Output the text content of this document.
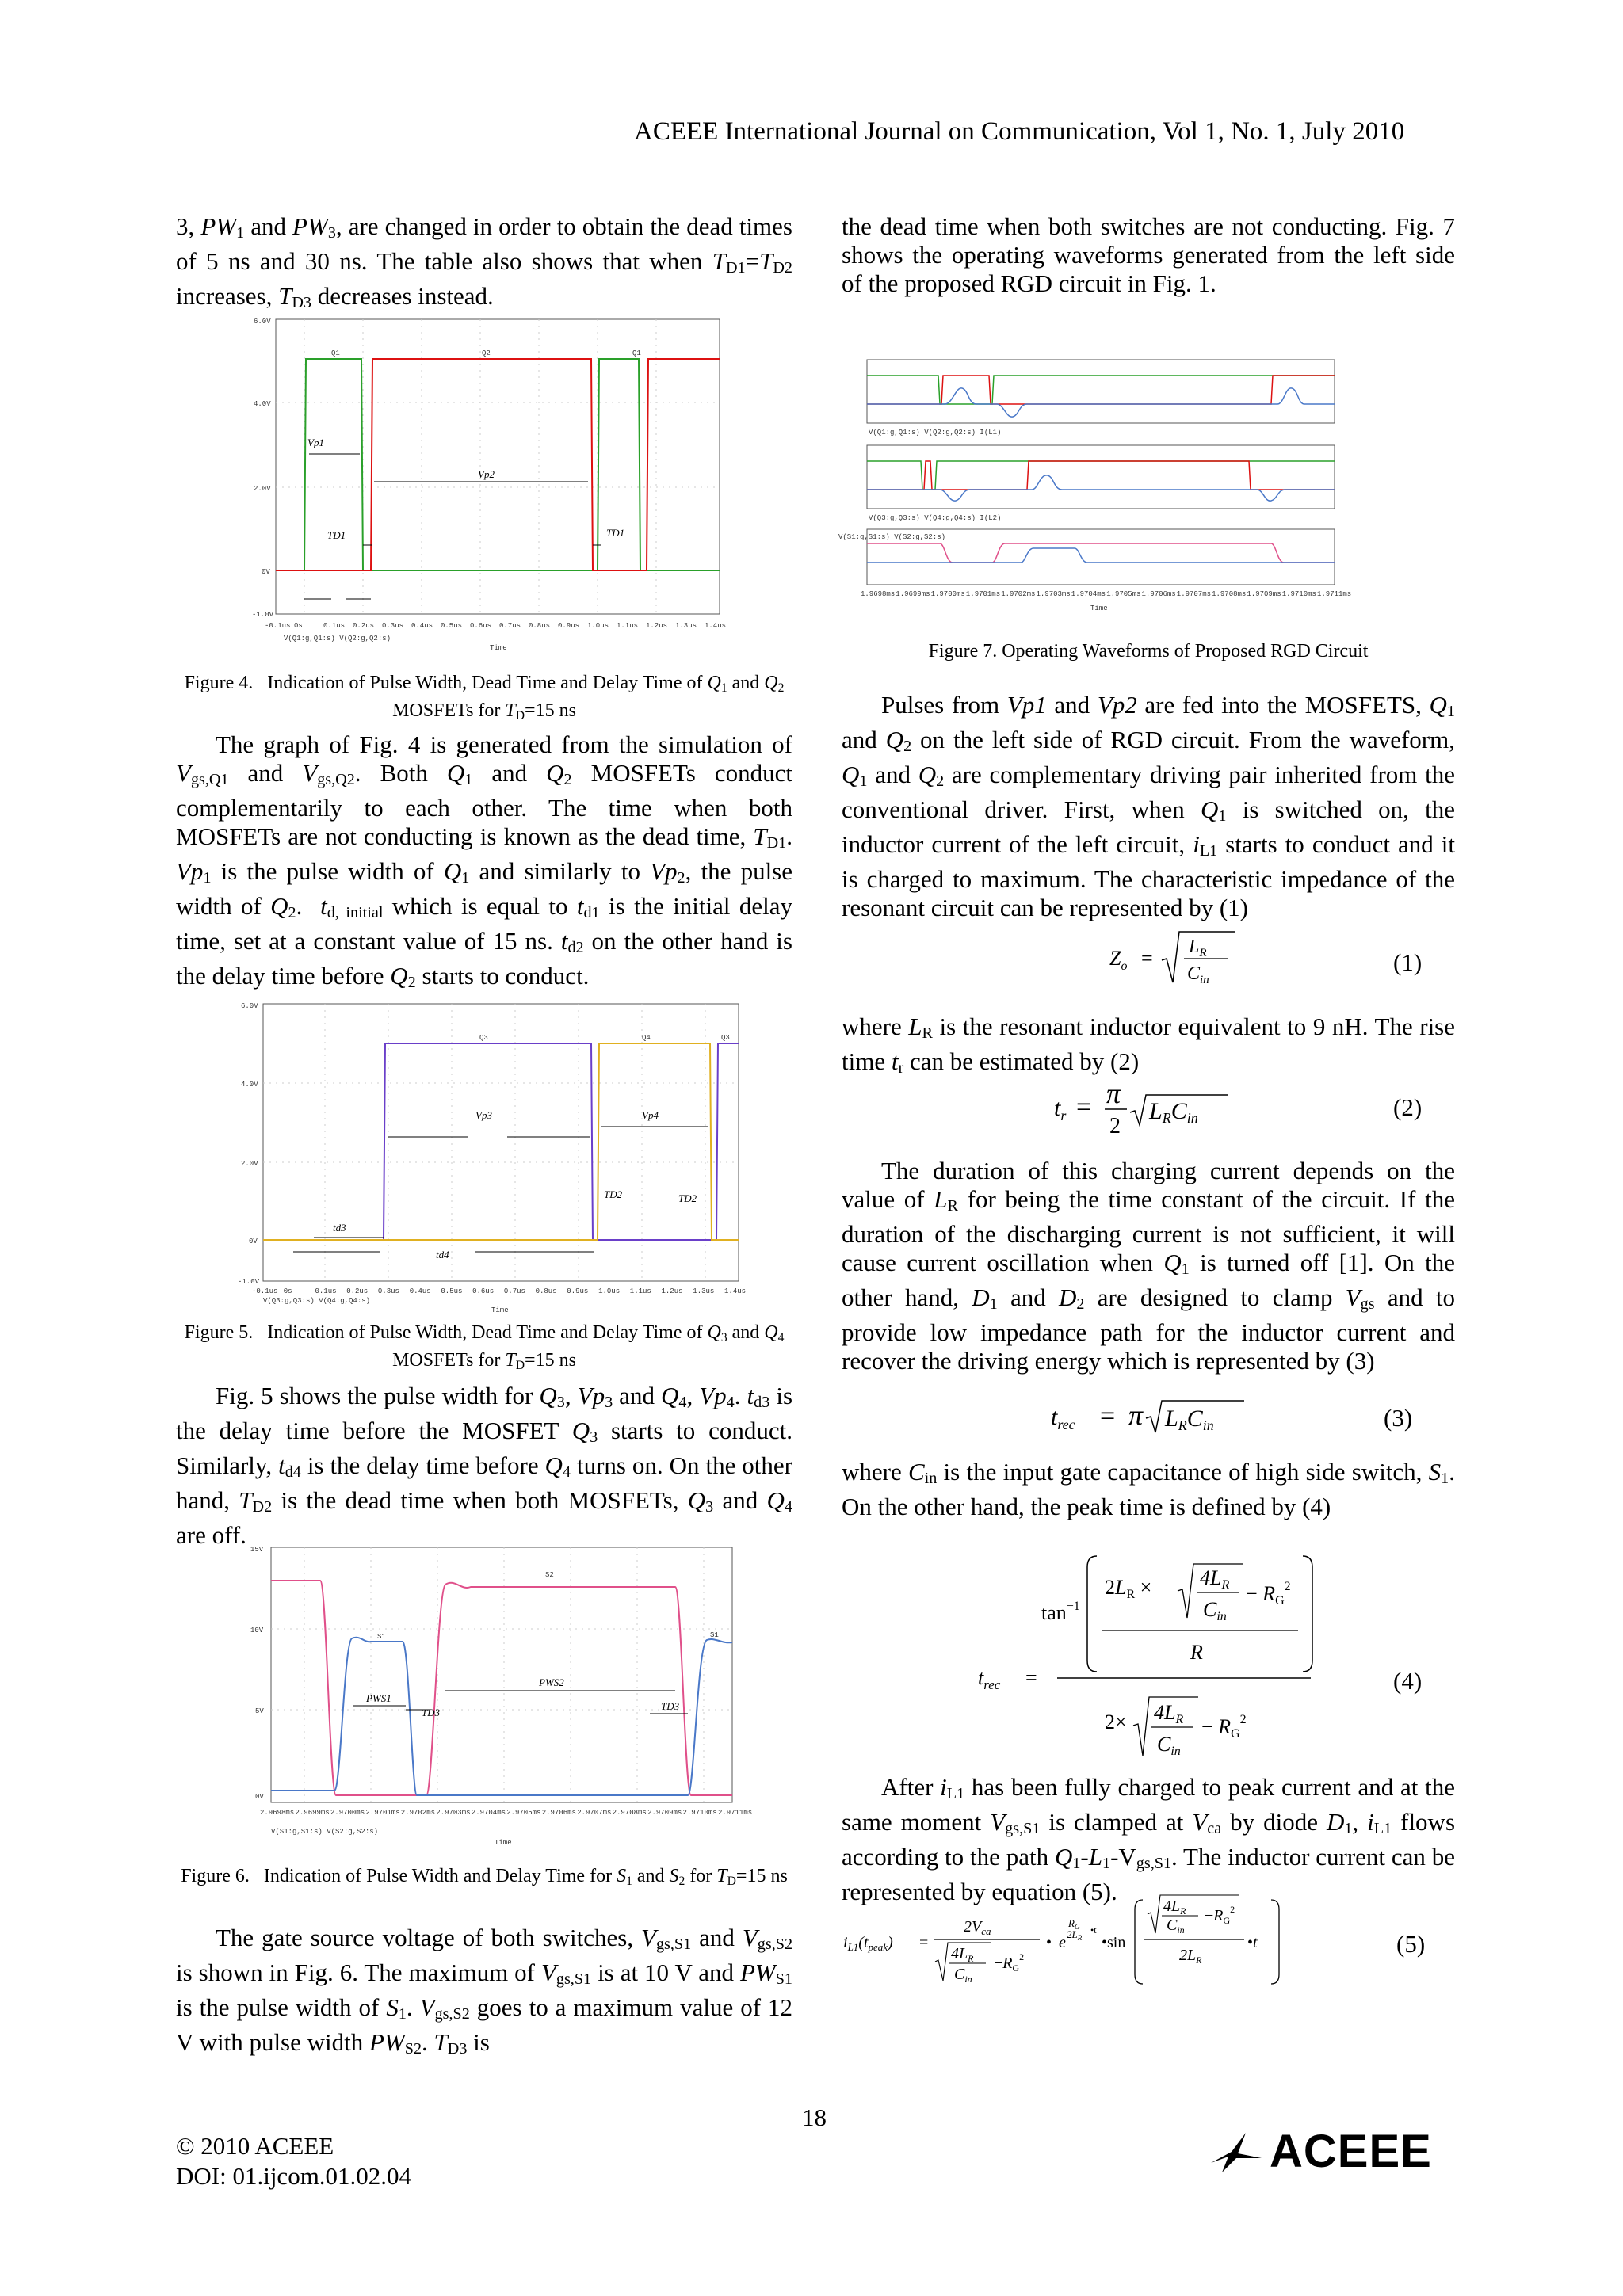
ACEEE International Journal on Communication, Vol 1, No. 1, July 2010

3, $PW_1$ and $PW_3$, are changed in order to obtain the dead times of 5 ns and 30 ns. The table also shows that when $T_{D1}=T_{D2}$ increases, $T_{D3}$ decreases instead.

6.0V
4.0V
2.0V
0V
-1.0V
-0.1us 0s	0.1us 0.2us 0.3us 0.4us 0.5us 0.6us 0.7us 0.8us 0.9us 1.0us 1.1us 1.2us 1.3us 1.4us
V(Q1:g,Q1:s) V(Q2:g,Q2:s)
Time
Q1	Q2	Q1
Vp1
Vp2
TD1	TD1
Figure 4.   Indication of Pulse Width, Dead Time and Delay Time of $Q_1$ and $Q_2$ MOSFETs for $T_D=15$ ns

The graph of Fig. 4 is generated from the simulation of $V_{gs,Q1}$ and $V_{gs,Q2}$. Both $Q_1$ and $Q_2$ MOSFETs conduct complementarily to each other. The time when both MOSFETs are not conducting is known as the dead time, $T_{D1}$. $Vp_1$ is the pulse width of $Q_1$ and similarly to $Vp_2$, the pulse width of $Q_2$.  $t_{d, initial}$ which is equal to $t_{d1}$ is the initial delay time, set at a constant value of 15 ns. $t_{d2}$ on the other hand is the delay time before $Q_2$ starts to conduct.

6.0V
4.0V
2.0V
0V
-1.0V
-0.1us 0s	0.1us 0.2us 0.3us 0.4us 0.5us 0.6us 0.7us 0.8us 0.9us 1.0us 1.1us 1.2us 1.3us 1.4us
V(Q3:g,Q3:s) V(Q4:g,Q4:s)
Time
Q3	Q4	Q3
Vp3	Vp4
TD2	TD2
td3
td4
Figure 5.   Indication of Pulse Width, Dead Time and Delay Time of $Q_3$ and $Q_4$ MOSFETs for $T_D=15$ ns

Fig. 5 shows the pulse width for $Q_3$, $Vp_3$ and $Q_4$, $Vp_4$. $t_{d3}$ is the delay time before the MOSFET $Q_3$ starts to conduct. Similarly, $t_{d4}$ is the delay time before $Q_4$ turns on. On the other hand, $T_{D2}$ is the dead time when both MOSFETs, $Q_3$ and $Q_4$ are off.

15V
10V
5V
0V
2.9698ms 2.9699ms 2.9700ms 2.9701ms 2.9702ms 2.9703ms 2.9704ms 2.9705ms 2.9706ms 2.9707ms 2.9708ms 2.9709ms 2.9710ms 2.9711ms
V(S1:g,S1:s) V(S2:g,S2:s)
Time
S2
S1	S1
PWS1
PWS2
TD3
TD3
Figure 6.   Indication of Pulse Width and Delay Time for $S_1$ and $S_2$ for $T_D=15$ ns

The gate source voltage of both switches, $V_{gs,S1}$ and $V_{gs,S2}$ is shown in Fig. 6. The maximum of $V_{gs,S1}$ is at 10 V and $PW_{S1}$ is the pulse width of $S_1$. $V_{gs,S2}$ goes to a maximum value of 12 V with pulse width $PW_{S2}$. $T_{D3}$ is

the dead time when both switches are not conducting. Fig. 7 shows the operating waveforms generated from the left side of the proposed RGD circuit in Fig. 1.

V(S1:g,S1:s) V(S2:g,S2:s)
V(Q1:g,Q1:s) V(Q2:g,Q2:s) I(L1)
V(Q3:g,Q3:s) V(Q4:g,Q4:s) I(L2)
1.9698ms 1.9699ms 1.9700ms 1.9701ms 1.9702ms 1.9703ms 1.9704ms 1.9705ms 1.9706ms 1.9707ms 1.9708ms 1.9709ms 1.9710ms 1.9711ms
Time
Figure 7. Operating Waveforms of Proposed RGD Circuit

Pulses from Vp1 and Vp2 are fed into the MOSFETS, $Q_1$ and $Q_2$ on the left side of RGD circuit. From the waveform, $Q_1$ and $Q_2$ are complementary driving pair inherited from the conventional driver. First, when $Q_1$ is switched on, the inductor current of the left circuit, $i_{L1}$ starts to conduct and it is charged to maximum. The characteristic impedance of the resonant circuit can be represented by (1)

$Z_o = L_R$
$C_{in}$
(1)

where $L_R$ is the resonant inductor equivalent to 9 nH. The rise time $t_r$ can be estimated by (2)

$t_r = \pi$
2
LRCin	(2)

The duration of this charging current depends on the value of $L_R$ for being the time constant of the circuit. If the duration of the discharging current is not sufficient, it will cause current oscillation when $Q_1$ is turned off [1]. On the other hand, $D_1$ and $D_2$ are designed to clamp $V_{gs}$ and to provide low impedance path for the inductor current and recover the driving energy which is represented by (3)

$t_{rec} = \pi$ LRCin	(3)

where $C_{in}$ is the input gate capacitance of high side switch, $S_1$. On the other hand, the peak time is defined by (4)

$t_{rec}$ =
$\tan^{-1}$
2LR × 4LR
Cin
− $RG^2$
R
2× 4LR
Cin
− $RG^2$
(4)

After $i_{L1}$ has been fully charged to peak current and at the same moment $V_{gs,S1}$ is clamped at $V_{ca}$ by diode $D_1$, $i_{L1}$ flows according to the path $Q_1-L_1-V_{gs,S1}$. The inductor current can be represented by equation (5).

$i_{L1}(t_{peak})$ =
$2V_{ca}$
$4L_R$
$C_{in}$
$-R_G^2$
• e
$R_G$
$2L_R$
•t
•sin
$4L_R$
$C_{in}$
$-R_G^2$
$2L_R$
•t	(5)
18
© 2010 ACEEE
DOI: 01.ijcom.01.02.04	ACEEE
